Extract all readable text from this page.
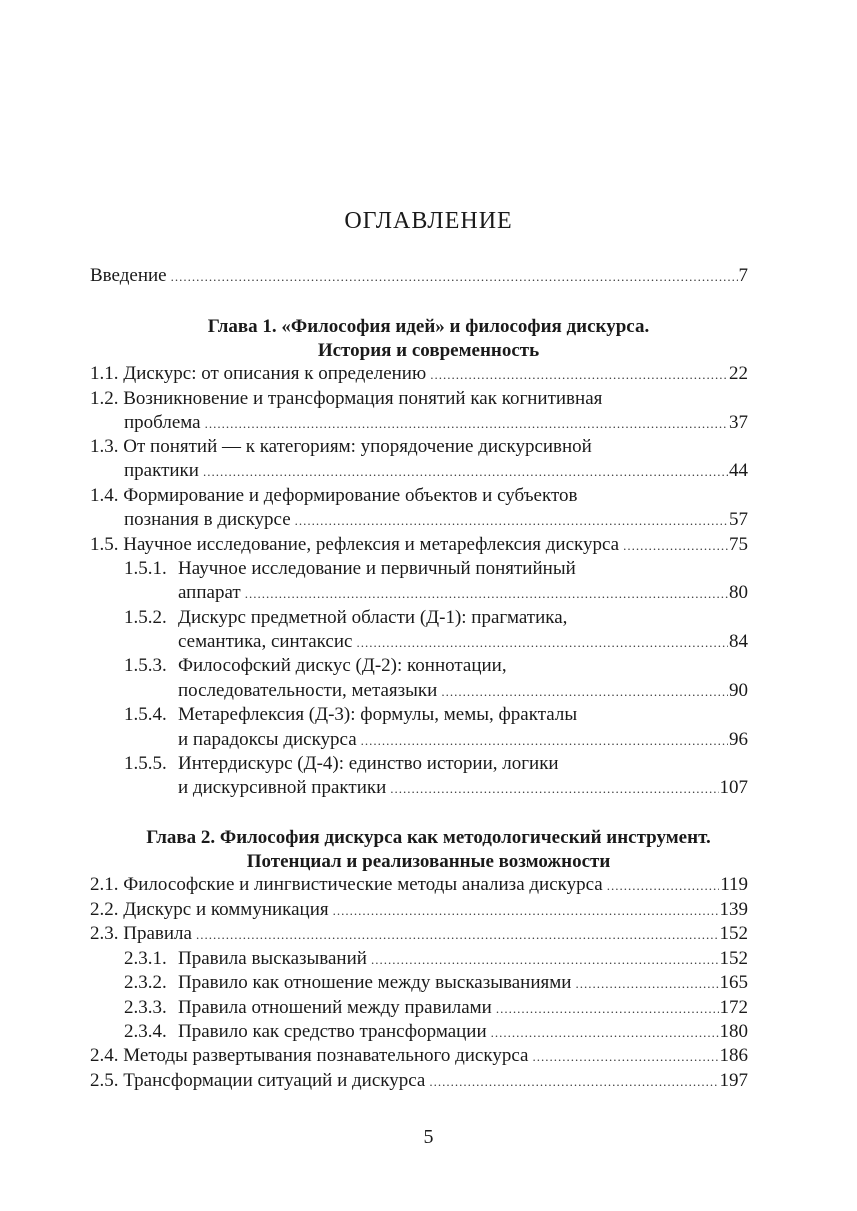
ОГЛАВЛЕНИЕ
Введение .....	7
Глава 1. «Философия идей» и философия дискурса.
История и современность
1.1. Дискурс: от описания к определению .....	22
1.2. Возникновение и трансформация понятий как когнитивная
проблема .....	37
1.3. От понятий — к категориям: упорядочение дискурсивной
практики .....	44
1.4. Формирование и деформирование объектов и субъектов
познания в дискурсе .....	57
1.5. Научное исследование, рефлексия и метарефлексия дискурса .....	75
1.5.1. Научное исследование и первичный понятийный
аппарат .....	80
1.5.2. Дискурс предметной области (Д-1): прагматика,
семантика, синтаксис .....	84
1.5.3. Философский дискус (Д-2): коннотации,
последовательности, метаязыки .....	90
1.5.4. Метарефлексия (Д-3): формулы, мемы, фракталы
и парадоксы дискурса .....	96
1.5.5. Интердискурс (Д-4): единство истории, логики
и дискурсивной практики .....	107
Глава 2. Философия дискурса как методологический инструмент.
Потенциал и реализованные возможности
2.1. Философские и лингвистические методы анализа дискурса .....	119
2.2. Дискурс и коммуникация .....	139
2.3. Правила .....	152
2.3.1. Правила высказываний .....	152
2.3.2. Правило как отношение между высказываниями .....	165
2.3.3. Правила отношений между правилами .....	172
2.3.4. Правило как средство трансформации .....	180
2.4. Методы развертывания познавательного дискурса .....	186
2.5. Трансформации ситуаций и дискурса .....	197
5
